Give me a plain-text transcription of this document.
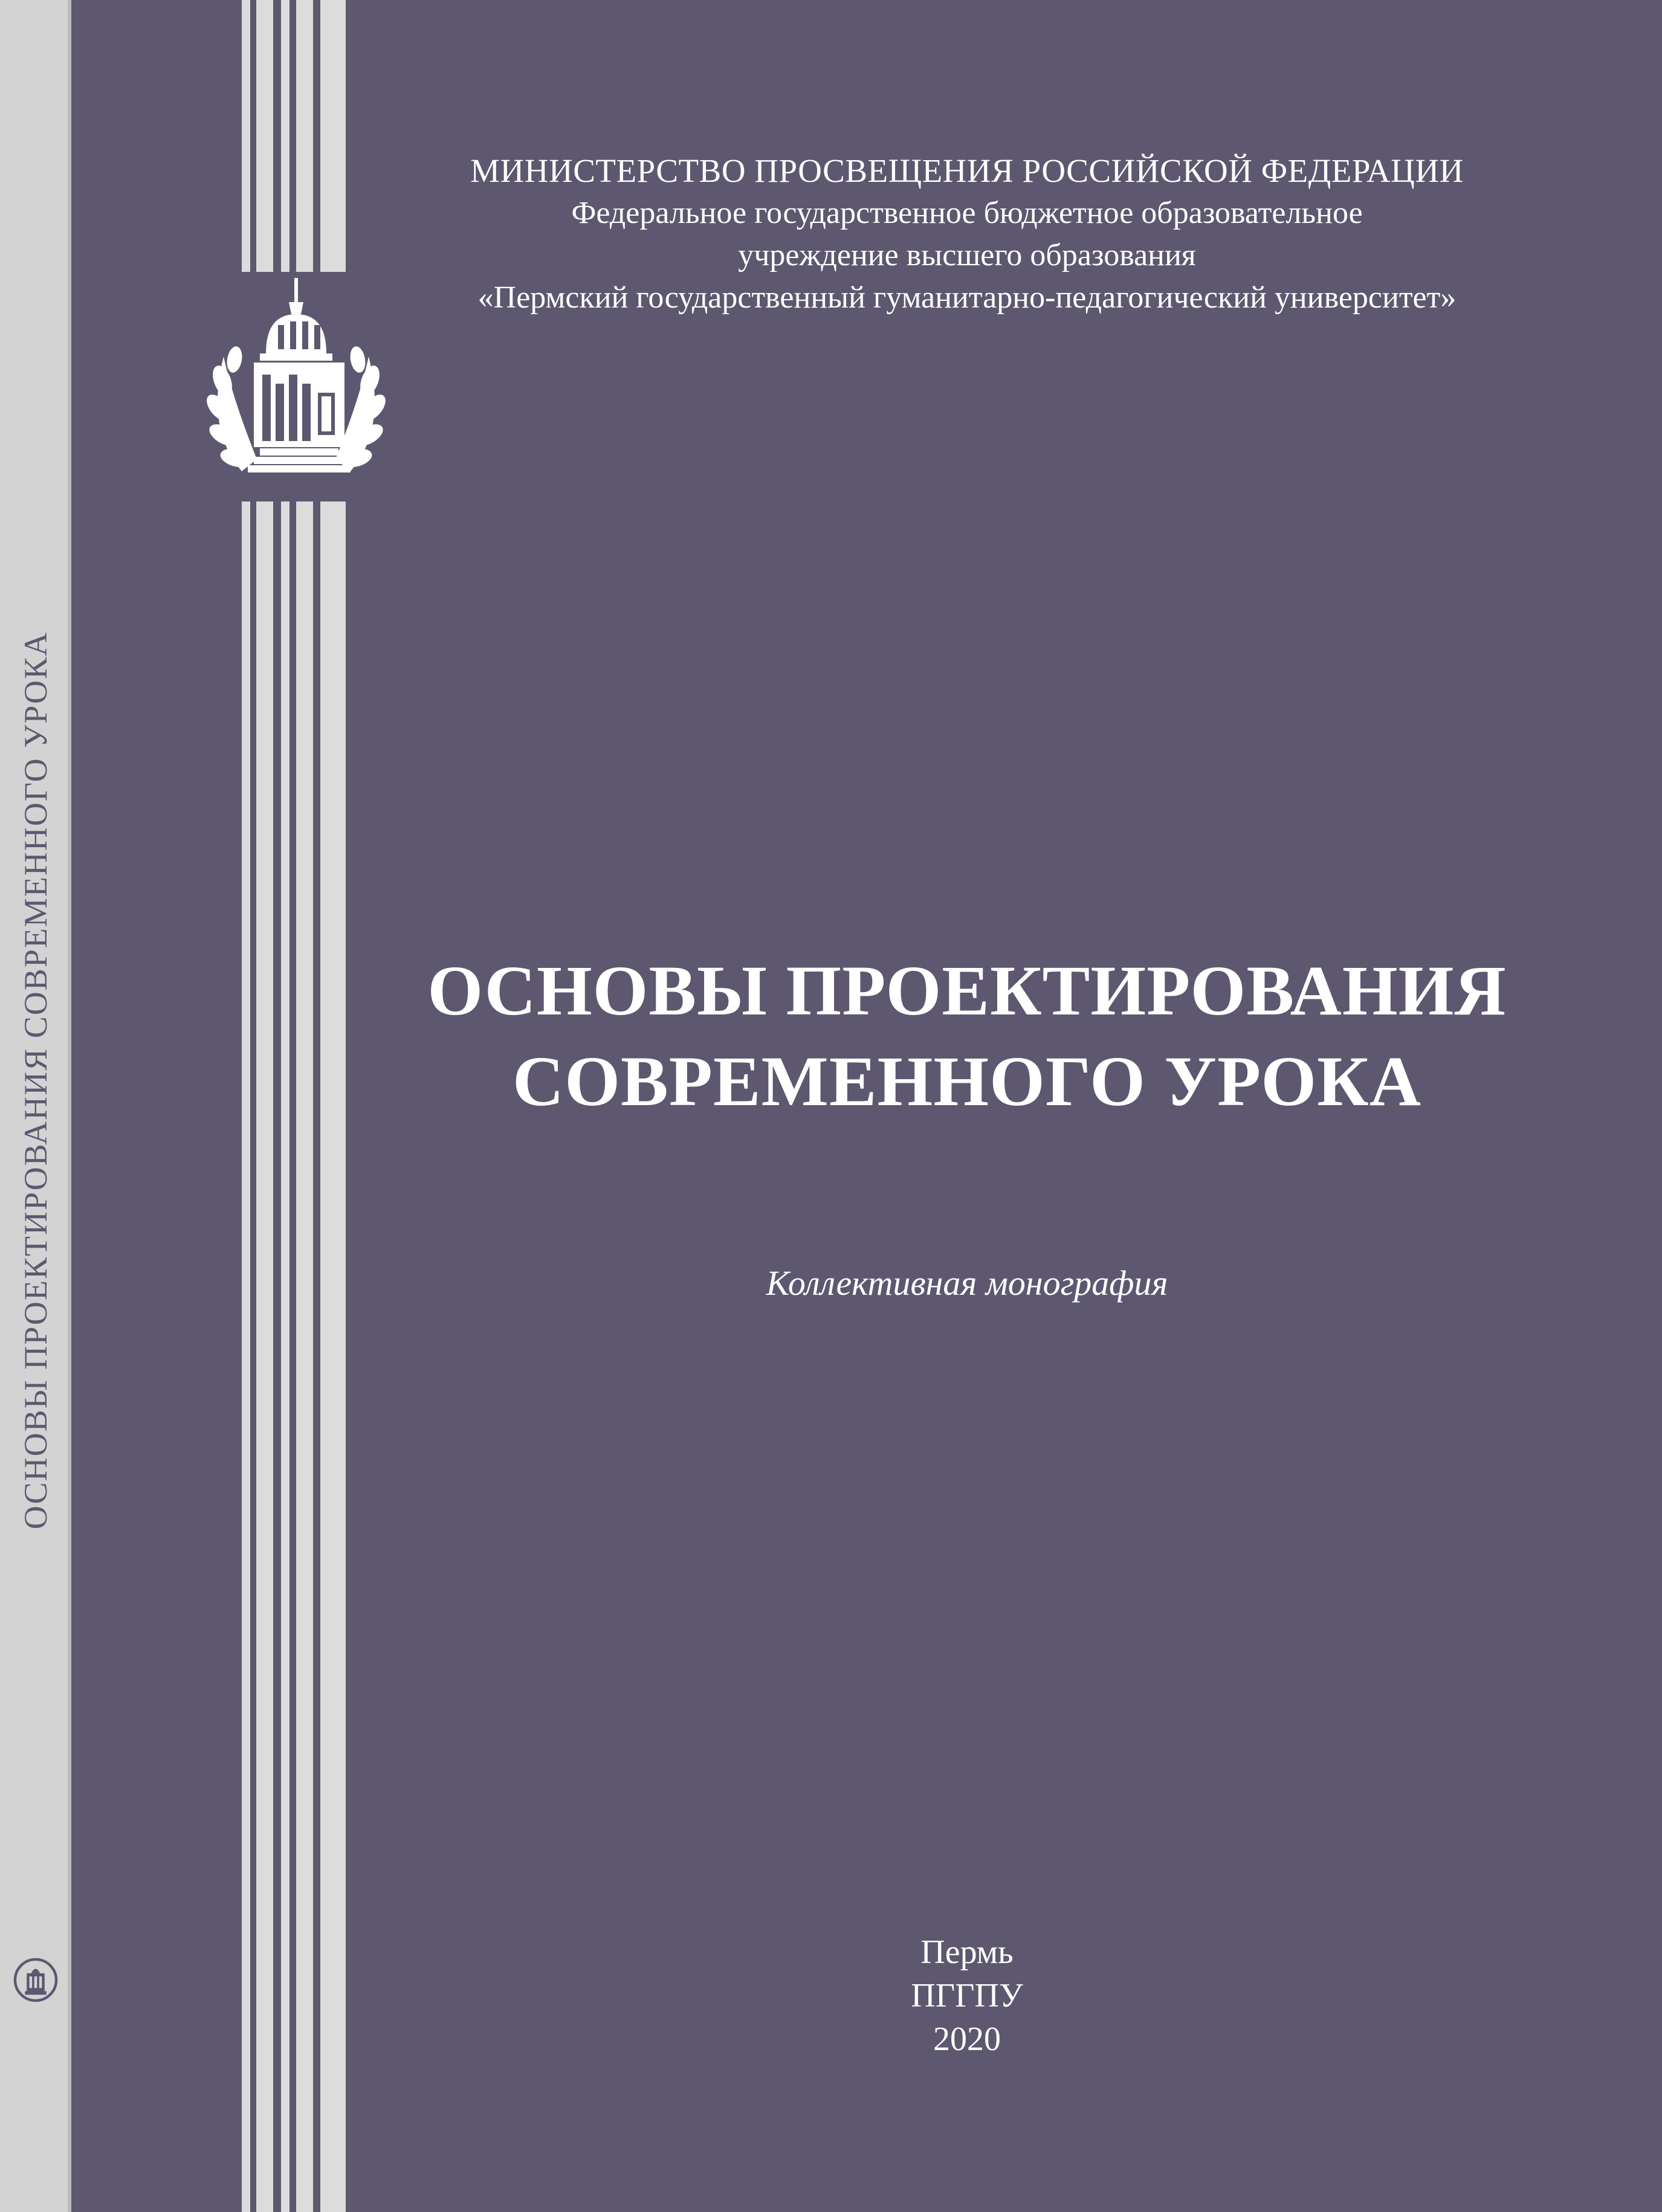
ОСНОВЫ ПРОЕКТИРОВАНИЯ СОВРЕМЕННОГО УРОКА
МИНИСТЕРСТВО ПРОСВЕЩЕНИЯ РОССИЙСКОЙ ФЕДЕРАЦИИ
Федеральное государственное бюджетное образовательное
учреждение высшего образования
«Пермский государственный гуманитарно-педагогический университет»
ОСНОВЫ ПРОЕКТИРОВАНИЯ
СОВРЕМЕННОГО УРОКА
Коллективная монография
Пермь
ПГГПУ
2020
